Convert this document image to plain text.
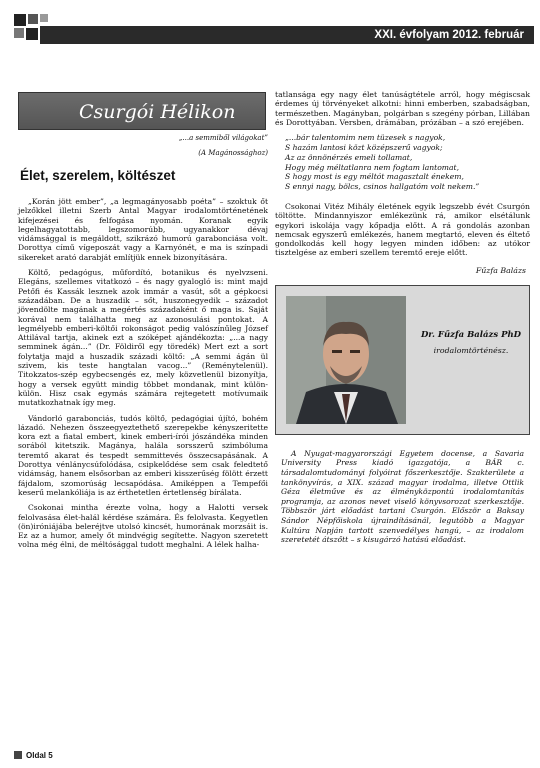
XXI. évfolyam 2012. február
Csurgói Hélikon
„...a semmiből világokat”
(A Magánossághoz)
Élet, szerelem, költészet

„Korán jött ember”, „a legmagányosabb poéta” – szoktuk őt jelzőkkel illetni Szerb Antal Magyar irodalomtörténetének kifejezései és felfogása nyomán. Koranak egyik legelhagyatottabb, legszomorúbb, ugyanakkor dévaj vidámsággal is megáldott, szikrázó humorú garabonciása volt. Dorottya című vígeposzát vagy a Karnyónét, e ma is színpadi sikereket arató darabját említjük ennek bizonyítására.

Költő, pedagógus, műfordító, botanikus és nyelvzseni. Elegáns, szellemes vitatkozó – és nagy gyalogló is: mint majd Petőfi és Kassák lesznek azok immár a vasút, sőt a gépkocsi századában. De a huszadik – sőt, huszonegyedik – századot jövendölte magának a megértés századaként ő maga is. Saját korával nem találhatta meg az azonosulási pontokat. A legmélyebb emberi-költői rokonságot pedig valószínűleg József Attilával tartja, akinek ezt a szóképet ajándékozta: „...a nagy semminek ágán...” (Dr. Földiről egy töredék) Mert ezt a sort folytatja majd a huszadik századi költő: „A semmi ágán ül szivem, kis teste hangtalan vacog...” (Reménytelenül). Titokzatos-szép egybecsengés ez, mely közvetlenül bizonyítja, hogy a versek együtt mindig többet mondanak, mint külön-külön. Hisz csak egymás számára rejtegetett motívumaik mutatkozhatnak így meg.

Vándorló garabonciás, tudós költő, pedagógiai újító, bohém lázadó. Nehezen összeegyeztethető szerepekbe kényszeritette kora ezt a fiatal embert, kinek emberi-írói jószándéka minden sorából kitetszik. Magánya, halála sorsszerű szimbóluma teremtő akarat és tespedt semmittevés összecsapásának. A Dorottya vénlánycsúfolódása, csipkelődése sem csak feledtető vidámság, hanem elsősorban az emberi kisszerűség fölött érzett fájdalom, szomorúság lecsapódása. Amiképpen a Tempefői keserű melankóliája is az érthetetlen értetlenség bírálata.

Csokonai mintha érezte volna, hogy a Halotti versek felolvasása élet-halál kérdése számára. És felolvasta. Kegyetlen (ön)iróniájába beleréjtve utolsó kincsét, humorának morzsáit is. Ez az a humor, amely őt mindvégig segítette. Nagyon szeretett volna még élni, de méltósággal tudott meghalni. A lélek halha-

tatlansága egy nagy élet tanúságtétele arról, hogy mégiscsak érdemes új törvényeket alkotni: hinni emberben, szabadságban, természetben. Magányban, polgárban s szegény pórban, Lillában és Dorottyában. Versben, drámában, prózában – a szó erejében.

„...bár talentomim nem tüzesek s nagyok,
S hazám lantosi közt középszerű vagyok;
Az az önnönérzés emeli tollamat,
Hogy még méltatlanra nem fogtam lantomat,
S hogy most is egy méltót magasztalt énekem,
S ennyi nagy, bölcs, csinos hallgatóm volt nekem.”

Csokonai Vitéz Mihály életének egyik legszebb évét Csurgón töltötte. Mindannyiszor emlékezünk rá, amikor elsétálunk egykori iskolája vagy kőpadja előtt. A rá gondolás azonban nemcsak egyszerű emlékezés, hanem megtartó, eleven és éltető gondolkodás kell hogy legyen minden időben: az utókor tisztelgése az emberi szellem teremtő ereje előtt.

Fűzfa Balázs
Dr. Fűzfa Balázs PhD
irodalomtörténész.
A Nyugat-magyarországi Egyetem docense, a Savaria University Press kiadó igazgatója, a BÁR c. társadalomtudományi folyóirat főszerkesztője. Szakterülete a tankönyvírás, a XIX. század magyar irodalma, illetve Ottlik Géza életműve és az élményközpontú irodalomtanítás programja, az azonos nevet viselő könyvsorozat szerkesztője. Többször járt előadást tartani Csurgón. Először a Baksay Sándor Népfőiskola újraindításánál, legutóbb a Magyar Kultúra Napján tartott szenvedélyes hangú, – az irodalom szeretetét átszőtt – s kisugárzó hatású előadást.
Oldal 5
